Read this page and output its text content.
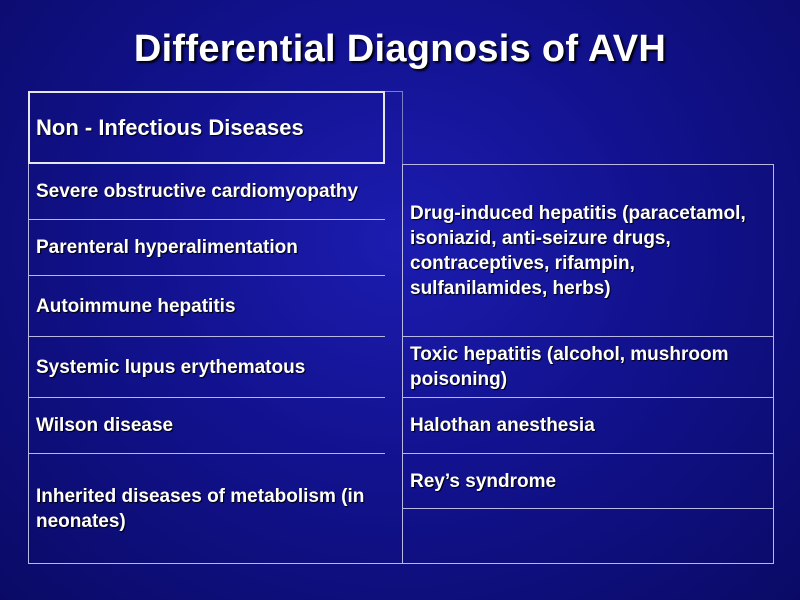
Differential Diagnosis of AVH
Non - Infectious Diseases
Severe obstructive cardiomyopathy
Parenteral hyperalimentation
Autoimmune hepatitis
Systemic lupus erythematous
Wilson disease
Inherited diseases of metabolism (in neonates)
Drug-induced hepatitis (paracetamol, isoniazid, anti-seizure drugs, contraceptives, rifampin, sulfanilamides, herbs)
Toxic hepatitis (alcohol, mushroom poisoning)
Halothan anesthesia
Rey’s syndrome
